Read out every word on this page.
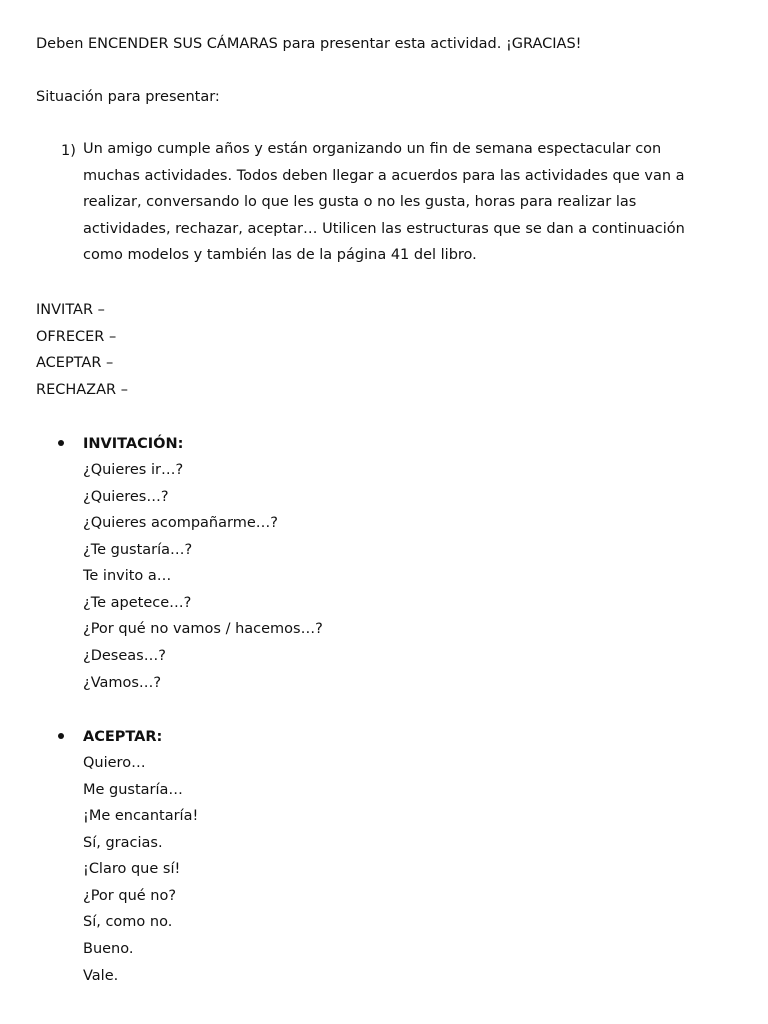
Deben ENCENDER SUS CÁMARAS para presentar esta actividad. ¡GRACIAS!
Situación para presentar:
1) Un amigo cumple años y están organizando un fin de semana espectacular con
muchas actividades. Todos deben llegar a acuerdos para las actividades que van a
realizar, conversando lo que les gusta o no les gusta, horas para realizar las
actividades, rechazar, aceptar… Utilicen las estructuras que se dan a continuación
como modelos y también las de la página 41 del libro.
INVITAR –
OFRECER –
ACEPTAR –
RECHAZAR –
INVITACIÓN:
¿Quieres ir…?
¿Quieres…?
¿Quieres acompañarme…?
¿Te gustaría…?
Te invito a…
¿Te apetece…?
¿Por qué no vamos / hacemos…?
¿Deseas…?
¿Vamos…?
ACEPTAR:
Quiero…
Me gustaría…
¡Me encantaría!
Sí, gracias.
¡Claro que sí!
¿Por qué no?
Sí, como no.
Bueno.
Vale.
